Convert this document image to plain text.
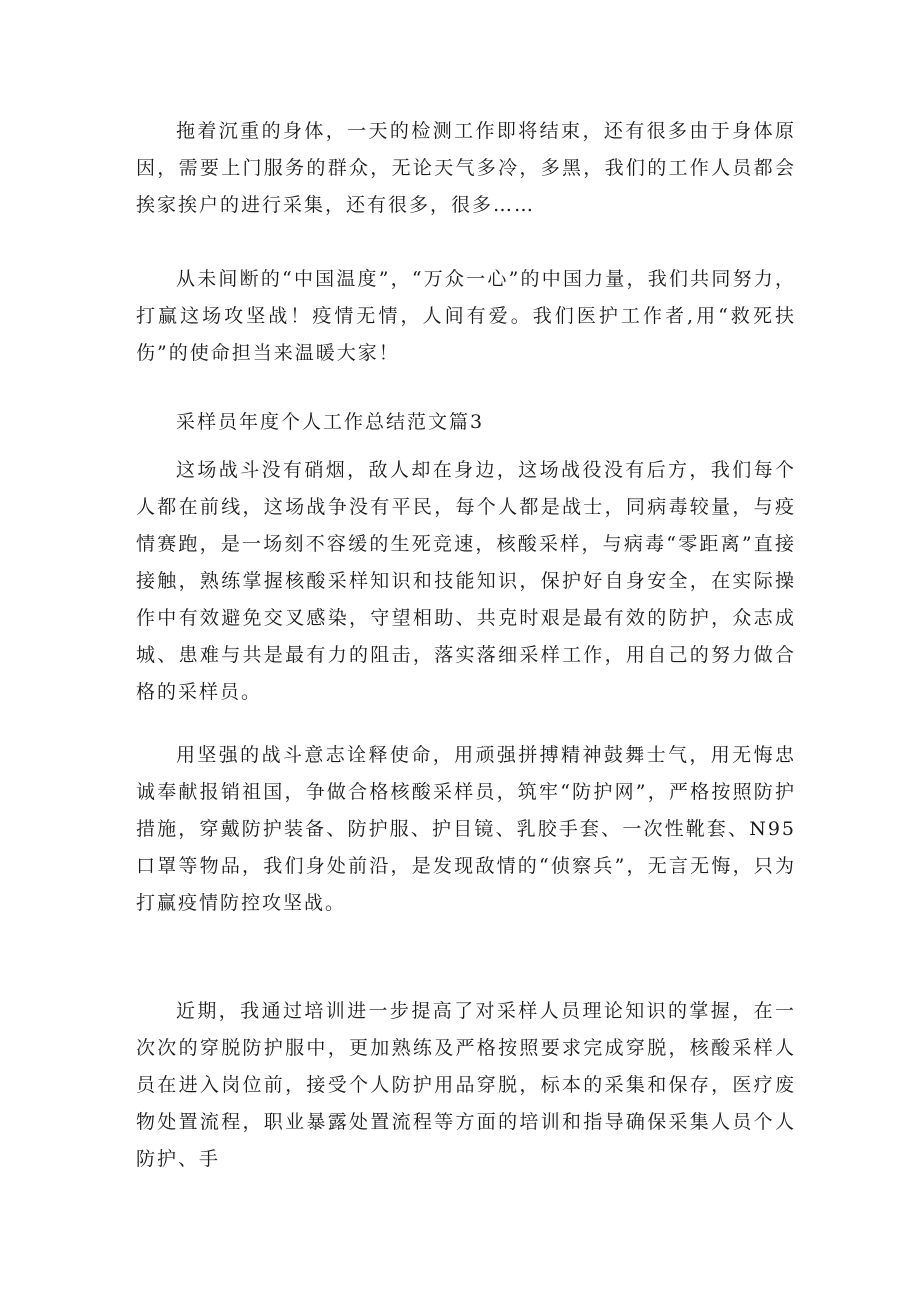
拖着沉重的身体，一天的检测工作即将结束，还有很多由于身体原因，需要上门服务的群众，无论天气多冷，多黑，我们的工作人员都会挨家挨户的进行采集，还有很多，很多……

从未间断的“中国温度”，“万众一心”的中国力量，我们共同努力，打赢这场攻坚战！疫情无情，人间有爱。我们医护工作者,用“救死扶伤”的使命担当来温暖大家！

采样员年度个人工作总结范文篇3

这场战斗没有硝烟，敌人却在身边，这场战役没有后方，我们每个人都在前线，这场战争没有平民，每个人都是战士，同病毒较量，与疫情赛跑，是一场刻不容缓的生死竞速，核酸采样，与病毒“零距离”直接接触，熟练掌握核酸采样知识和技能知识，保护好自身安全，在实际操作中有效避免交叉感染，守望相助、共克时艰是最有效的防护，众志成城、患难与共是最有力的阻击，落实落细采样工作，用自己的努力做合格的采样员。

用坚强的战斗意志诠释使命，用顽强拼搏精神鼓舞士气，用无悔忠诚奉献报销祖国，争做合格核酸采样员，筑牢“防护网”，严格按照防护措施，穿戴防护装备、防护服、护目镜、乳胶手套、一次性靴套、N95口罩等物品，我们身处前沿，是发现敌情的“侦察兵”，无言无悔，只为打赢疫情防控攻坚战。

近期，我通过培训进一步提高了对采样人员理论知识的掌握，在一次次的穿脱防护服中，更加熟练及严格按照要求完成穿脱，核酸采样人员在进入岗位前，接受个人防护用品穿脱，标本的采集和保存，医疗废物处置流程，职业暴露处置流程等方面的培训和指导确保采集人员个人防护、手
